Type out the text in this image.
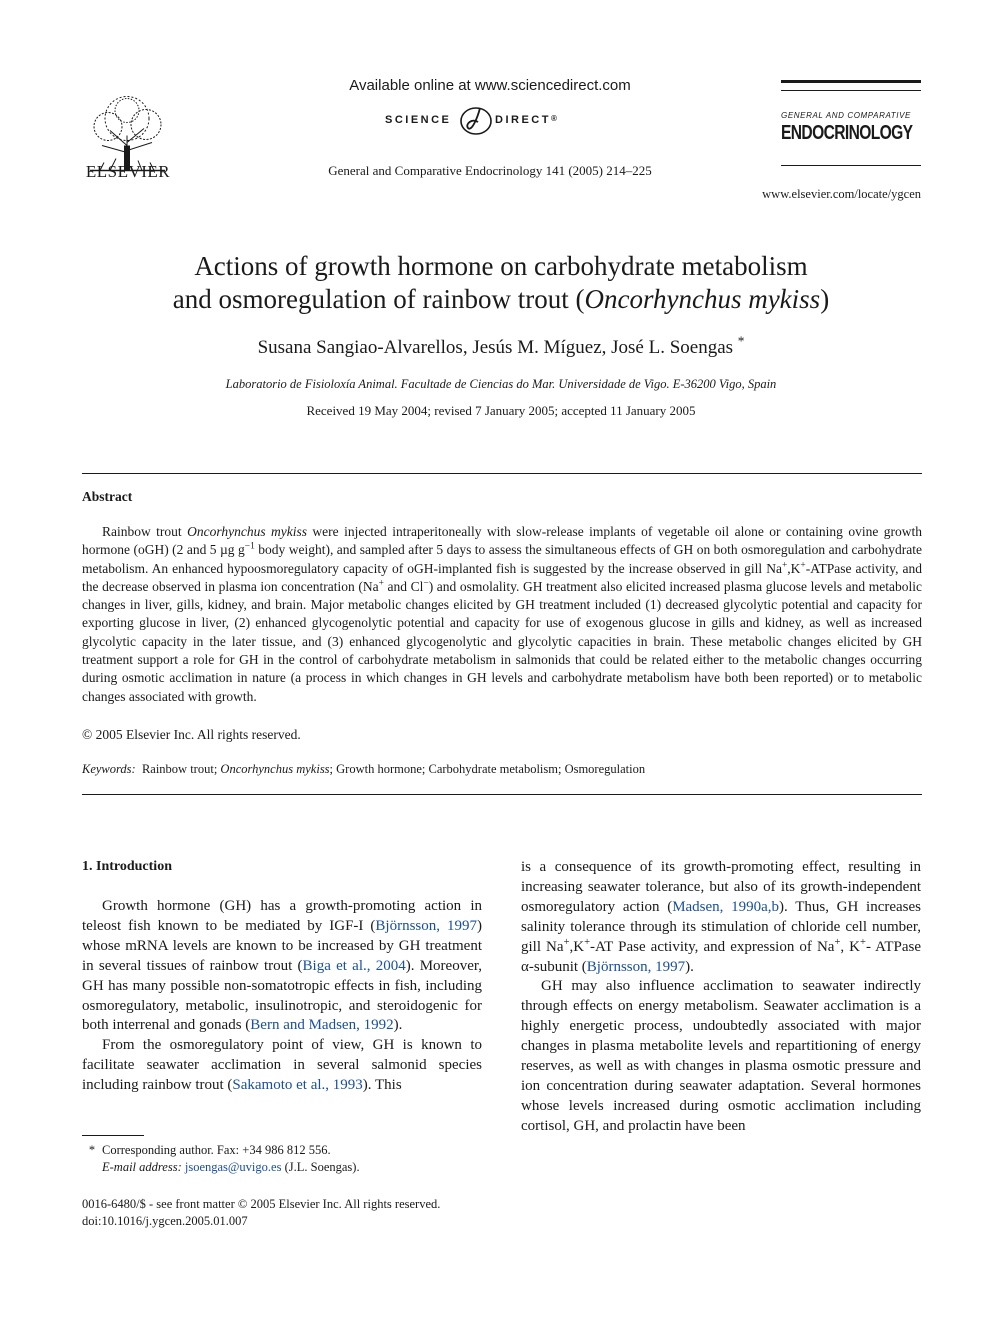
ELSEVIER
Available online at www.sciencedirect.com
SCIENCE	DIRECT®
General and Comparative Endocrinology 141 (2005) 214–225
GENERAL AND COMPARATIVE
ENDOCRINOLOGY
www.elsevier.com/locate/ygcen
Actions of growth hormone on carbohydrate metabolism
and osmoregulation of rainbow trout (Oncorhynchus mykiss)
Susana Sangiao-Alvarellos, Jesús M. Míguez, José L. Soengas *
Laboratorio de Fisioloxía Animal. Facultade de Ciencias do Mar. Universidade de Vigo. E-36200 Vigo, Spain
Received 19 May 2004; revised 7 January 2005; accepted 11 January 2005
Abstract
Rainbow trout Oncorhynchus mykiss were injected intraperitoneally with slow-release implants of vegetable oil alone or containing ovine growth hormone (oGH) (2 and 5 µg $g^{-1}$ body weight), and sampled after 5 days to assess the simultaneous effects of GH on both osmoregulation and carbohydrate metabolism. An enhanced hypoosmoregulatory capacity of oGH-implanted fish is suggested by the increase observed in gill Na+,K+-ATPase activity, and the decrease observed in plasma ion concentration (Na+ and Cl−) and osmolality. GH treatment also elicited increased plasma glucose levels and metabolic changes in liver, gills, kidney, and brain. Major metabolic changes elicited by GH treatment included (1) decreased glycolytic potential and capacity for exporting glucose in liver, (2) enhanced glycogenolytic potential and capacity for use of exogenous glucose in gills and kidney, as well as increased glycolytic capacity in the later tissue, and (3) enhanced glycogenolytic and glycolytic capacities in brain. These metabolic changes elicited by GH treatment support a role for GH in the control of carbohydrate metabolism in salmonids that could be related either to the metabolic changes occurring during osmotic acclimation in nature (a process in which changes in GH levels and carbohydrate metabolism have both been reported) or to metabolic changes associated with growth.
© 2005 Elsevier Inc. All rights reserved.
Keywords: Rainbow trout; Oncorhynchus mykiss; Growth hormone; Carbohydrate metabolism; Osmoregulation
1. Introduction

Growth hormone (GH) has a growth-promoting action in teleost fish known to be mediated by IGF-I (Björnsson, 1997) whose mRNA levels are known to be increased by GH treatment in several tissues of rainbow trout (Biga et al., 2004). Moreover, GH has many possible non-somatotropic effects in fish, including osmoregulatory, metabolic, insulinotropic, and steroidogenic for both interrenal and gonads (Bern and Madsen, 1992).

From the osmoregulatory point of view, GH is known to facilitate seawater acclimation in several salmonid species including rainbow trout (Sakamoto et al., 1993). This

is a consequence of its growth-promoting effect, resulting in increasing seawater tolerance, but also of its growth-independent osmoregulatory action (Madsen, 1990a,b). Thus, GH increases salinity tolerance through its stimulation of chloride cell number, gill Na+,K+-AT Pase activity, and expression of Na+, K+- ATPase α-subunit (Björnsson, 1997).

GH may also influence acclimation to seawater indirectly through effects on energy metabolism. Seawater acclimation is a highly energetic process, undoubtedly associated with major changes in plasma metabolite levels and repartitioning of energy reserves, as well as with changes in plasma osmotic pressure and ion concentration during seawater adaptation. Several hormones whose levels increased during osmotic acclimation including cortisol, GH, and prolactin have been

* Corresponding author. Fax: +34 986 812 556.
E-mail address: jsoengas@uvigo.es (J.L. Soengas).
0016-6480/$ - see front matter © 2005 Elsevier Inc. All rights reserved.
doi:10.1016/j.ygcen.2005.01.007
